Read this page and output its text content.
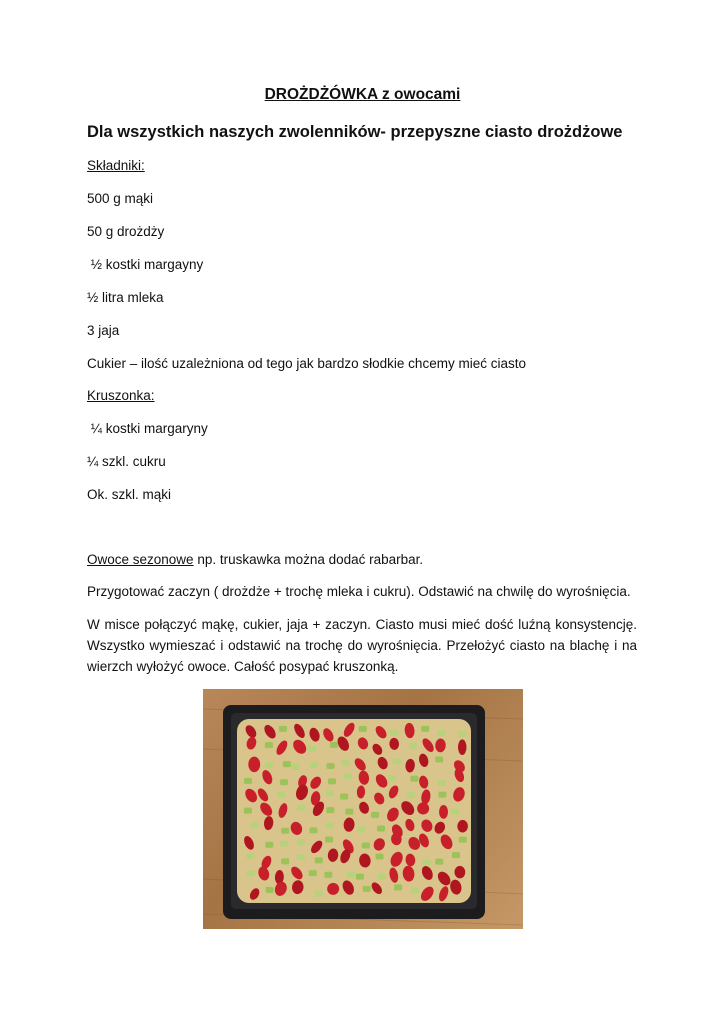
DROŻDŻÓWKA z owocami
Dla wszystkich naszych zwolenników- przepyszne ciasto drożdżowe
Składniki:
500 g mąki
50 g drożdży
½ kostki margayny
½ litra mleka
3 jaja
Cukier – ilość uzależniona od tego jak bardzo słodkie chcemy mieć ciasto
Kruszonka:
¼ kostki margaryny
¼ szkl. cukru
Ok. szkl. mąki
Owoce sezonowe np. truskawka można dodać rabarbar.
Przygotować zaczyn ( drożdże + trochę mleka i cukru). Odstawić na chwilę do wyrośnięcia.
W misce połączyć mąkę, cukier, jaja + zaczyn. Ciasto musi mieć dość luźną konsystencję. Wszystko wymieszać i odstawić na trochę do wyrośnięcia. Przełożyć ciasto na blachę i na wierzch wyłożyć owoce. Całość posypać kruszonką.
